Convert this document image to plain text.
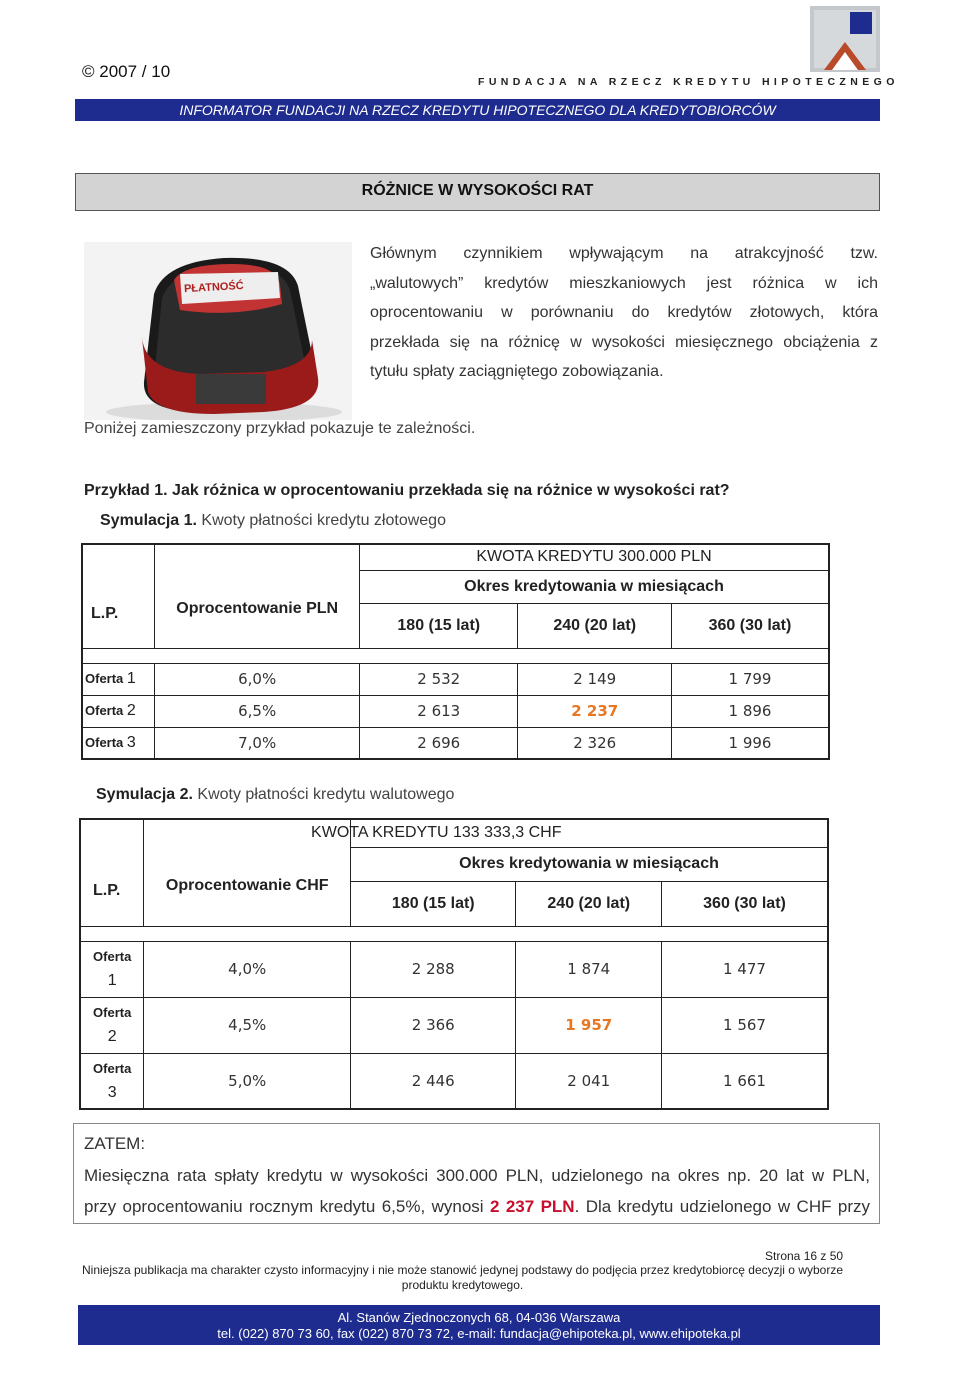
© 2007 / 10
FUNDACJA NA RZECZ KREDYTU HIPOTECZNEGO
INFORMATOR FUNDACJI NA RZECZ KREDYTU HIPOTECZNEGO DLA KREDYTOBIORCÓW
RÓŻNICE W WYSOKOŚCI RAT
PŁATNOŚĆ
Głównym czynnikiem wpływającym na atrakcyjność tzw.
„walutowych” kredytów mieszkaniowych jest różnica w ich
oprocentowaniu w porównaniu do kredytów złotowych, która
przekłada się na różnicę w wysokości miesięcznego obciążenia z
tytułu spłaty zaciągniętego zobowiązania.
Poniżej zamieszczony przykład pokazuje te zależności.
Przykład 1. Jak różnica w oprocentowaniu przekłada się na różnice w wysokości rat?
Symulacja 1. Kwoty płatności kredytu złotowego
		KWOTA KREDYTU 300.000 PLN		
L.P.	Oprocentowanie PLN	Okres kredytowania w miesiącach		
		180 (15 lat)	240 (20 lat)	360 (30 lat)

Oferta 1	6,0%	2 532	2 149	1 799
Oferta 2	6,5%	2 613	2 237	1 896
Oferta 3	7,0%	2 696	2 326	1 996
Symulacja 2. Kwoty płatności kredytu walutowego
		KWOTA KREDYTU 133 333,3 CHF		
L.P.	Oprocentowanie CHF	Okres kredytowania w miesiącach		
		180 (15 lat)	240 (20 lat)	360 (30 lat)

Oferta
1	4,0%	2 288	1 874	1 477
Oferta
2	4,5%	2 366	1 957	1 567
Oferta
3	5,0%	2 446	2 041	1 661
ZATEM:
Miesięczna rata spłaty kredytu w wysokości 300.000 PLN, udzielonego na okres np. 20 lat w PLN,
przy oprocentowaniu rocznym kredytu 6,5%, wynosi 2 237 PLN. Dla kredytu udzielonego w CHF przy
Strona 16 z 50
Niniejsza publikacja ma charakter czysto informacyjny i nie może stanowić jedynej podstawy do podjęcia przez kredytobiorcę decyzji o wyborze produktu kredytowego.
Al. Stanów Zjednoczonych 68, 04-036 Warszawa
tel. (022) 870 73 60, fax (022) 870 73 72, e-mail: fundacja@ehipoteka.pl, www.ehipoteka.pl
